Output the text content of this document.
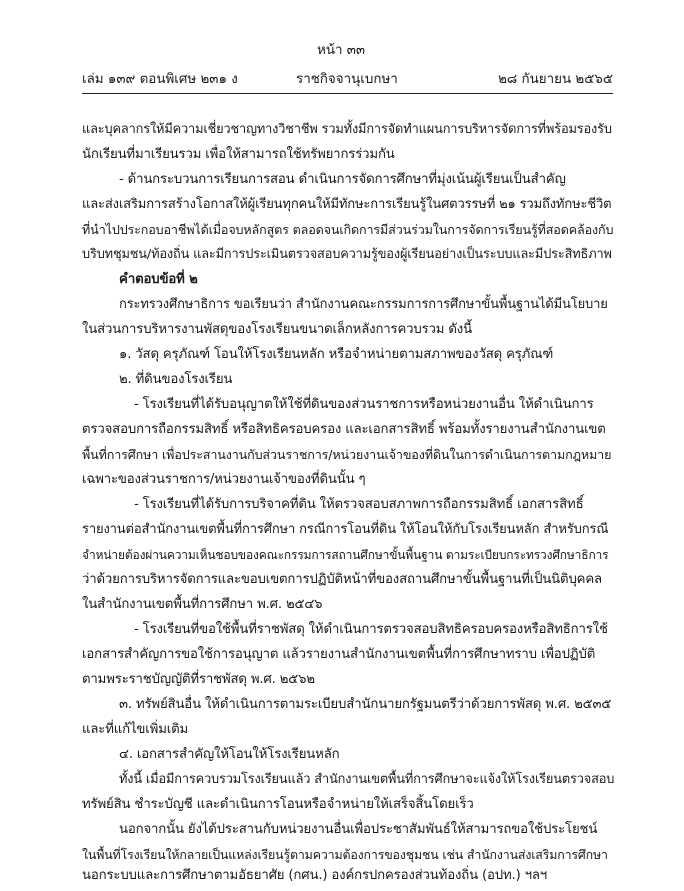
หน้า ๓๓
เล่ม ๑๓๙ ตอนพิเศษ ๒๓๑ ง	ราชกิจจานุเบกษา	๒๘ กันยายน ๒๕๖๕
และบุคลากรให้มีความเชี่ยวชาญทางวิชาชีพ รวมทั้งมีการจัดทำแผนการบริหารจัดการที่พร้อมรองรับ
นักเรียนที่มาเรียนรวม เพื่อให้สามารถใช้ทรัพยากรร่วมกัน
- ด้านกระบวนการเรียนการสอน ดำเนินการจัดการศึกษาที่มุ่งเน้นผู้เรียนเป็นสำคัญ
และส่งเสริมการสร้างโอกาสให้ผู้เรียนทุกคนให้มีทักษะการเรียนรู้ในศตวรรษที่ ๒๑ รวมถึงทักษะชีวิต
ที่นำไปประกอบอาชีพได้เมื่อจบหลักสูตร ตลอดจนเกิดการมีส่วนร่วมในการจัดการเรียนรู้ที่สอดคล้องกับ
บริบทชุมชน/ท้องถิ่น และมีการประเมินตรวจสอบความรู้ของผู้เรียนอย่างเป็นระบบและมีประสิทธิภาพ
คำตอบข้อที่ ๒
กระทรวงศึกษาธิการ ขอเรียนว่า สำนักงานคณะกรรมการการศึกษาขั้นพื้นฐานได้มีนโยบาย
ในส่วนการบริหารงานพัสดุของโรงเรียนขนาดเล็กหลังการควบรวม ดังนี้
๑. วัสดุ ครุภัณฑ์ โอนให้โรงเรียนหลัก หรือจำหน่ายตามสภาพของวัสดุ ครุภัณฑ์
๒. ที่ดินของโรงเรียน
- โรงเรียนที่ได้รับอนุญาตให้ใช้ที่ดินของส่วนราชการหรือหน่วยงานอื่น ให้ดำเนินการ
ตรวจสอบการถือกรรมสิทธิ์ หรือสิทธิครอบครอง และเอกสารสิทธิ์ พร้อมทั้งรายงานสำนักงานเขต
พื้นที่การศึกษา เพื่อประสานงานกับส่วนราชการ/หน่วยงานเจ้าของที่ดินในการดำเนินการตามกฎหมาย
เฉพาะของส่วนราชการ/หน่วยงานเจ้าของที่ดินนั้น ๆ
- โรงเรียนที่ได้รับการบริจาคที่ดิน ให้ตรวจสอบสภาพการถือกรรมสิทธิ์ เอกสารสิทธิ์
รายงานต่อสำนักงานเขตพื้นที่การศึกษา กรณีการโอนที่ดิน ให้โอนให้กับโรงเรียนหลัก สำหรับกรณี
จำหน่ายต้องผ่านความเห็นชอบของคณะกรรมการสถานศึกษาขั้นพื้นฐาน ตามระเบียบกระทรวงศึกษาธิการ
ว่าด้วยการบริหารจัดการและขอบเขตการปฏิบัติหน้าที่ของสถานศึกษาขั้นพื้นฐานที่เป็นนิติบุคคล
ในสำนักงานเขตพื้นที่การศึกษา พ.ศ. ๒๕๔๖
- โรงเรียนที่ขอใช้พื้นที่ราชพัสดุ ให้ดำเนินการตรวจสอบสิทธิครอบครองหรือสิทธิการใช้
เอกสารสำคัญการขอใช้การอนุญาต แล้วรายงานสำนักงานเขตพื้นที่การศึกษาทราบ เพื่อปฏิบัติ
ตามพระราชบัญญัติที่ราชพัสดุ พ.ศ. ๒๕๖๒
๓. ทรัพย์สินอื่น ให้ดำเนินการตามระเบียบสำนักนายกรัฐมนตรีว่าด้วยการพัสดุ พ.ศ. ๒๕๓๕
และที่แก้ไขเพิ่มเติม
๔. เอกสารสำคัญให้โอนให้โรงเรียนหลัก
ทั้งนี้ เมื่อมีการควบรวมโรงเรียนแล้ว สำนักงานเขตพื้นที่การศึกษาจะแจ้งให้โรงเรียนตรวจสอบ
ทรัพย์สิน ชำระบัญชี และดำเนินการโอนหรือจำหน่ายให้เสร็จสิ้นโดยเร็ว
นอกจากนั้น ยังได้ประสานกับหน่วยงานอื่นเพื่อประชาสัมพันธ์ให้สามารถขอใช้ประโยชน์
ในพื้นที่โรงเรียนให้กลายเป็นแหล่งเรียนรู้ตามความต้องการของชุมชน เช่น สำนักงานส่งเสริมการศึกษา
นอกระบบและการศึกษาตามอัธยาศัย (กศน.) องค์กรปกครองส่วนท้องถิ่น (อปท.) ฯลฯ
